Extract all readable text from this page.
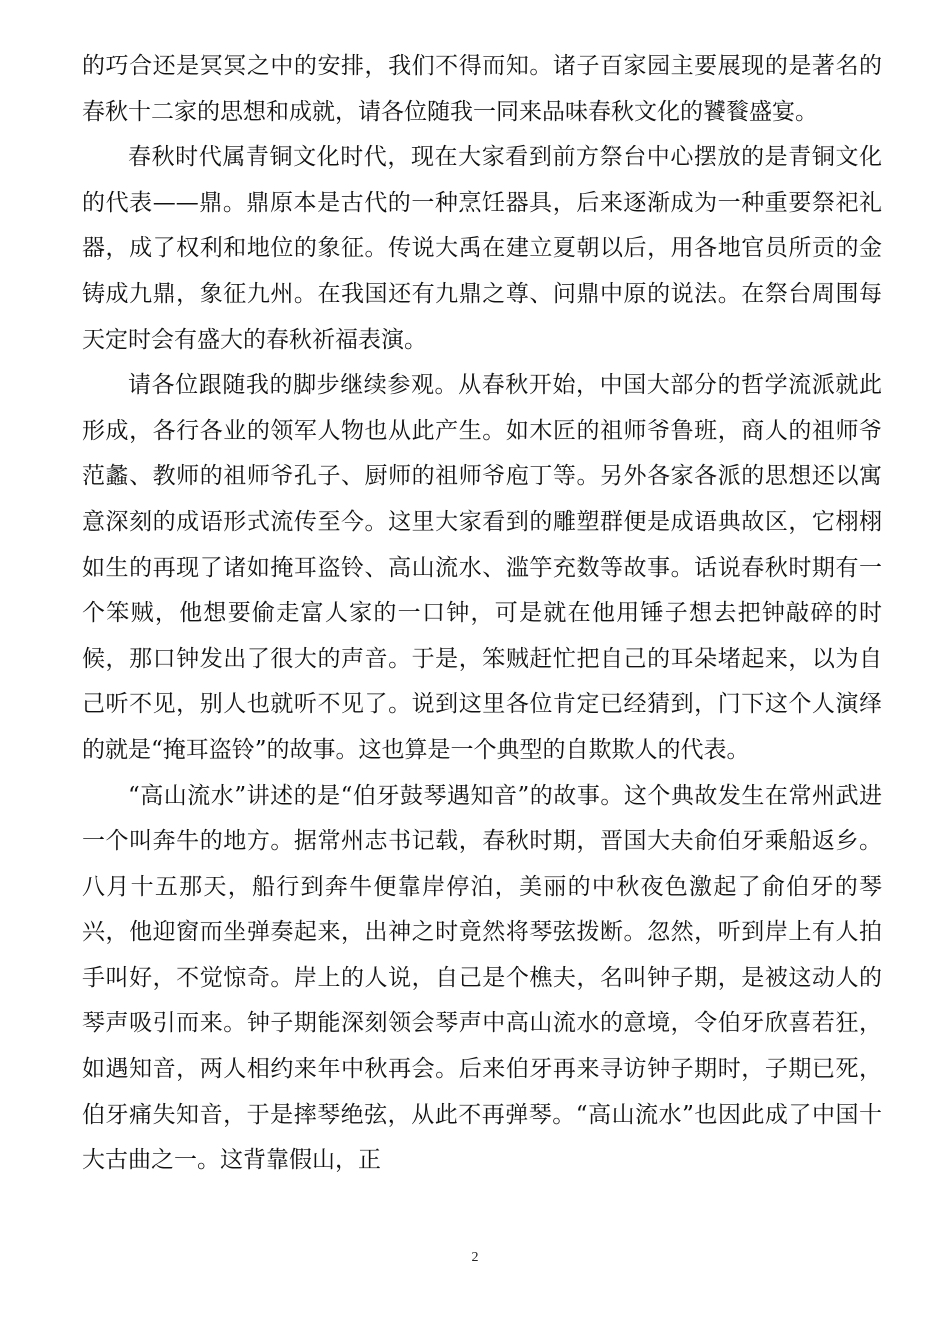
的巧合还是冥冥之中的安排，我们不得而知。诸子百家园主要展现的是著名的春秋十二家的思想和成就，请各位随我一同来品味春秋文化的饕餮盛宴。

春秋时代属青铜文化时代，现在大家看到前方祭台中心摆放的是青铜文化的代表——鼎。鼎原本是古代的一种烹饪器具，后来逐渐成为一种重要祭祀礼器，成了权利和地位的象征。传说大禹在建立夏朝以后，用各地官员所贡的金铸成九鼎，象征九州。在我国还有九鼎之尊、问鼎中原的说法。在祭台周围每天定时会有盛大的春秋祈福表演。

请各位跟随我的脚步继续参观。从春秋开始，中国大部分的哲学流派就此形成，各行各业的领军人物也从此产生。如木匠的祖师爷鲁班，商人的祖师爷范蠡、教师的祖师爷孔子、厨师的祖师爷庖丁等。另外各家各派的思想还以寓意深刻的成语形式流传至今。这里大家看到的雕塑群便是成语典故区，它栩栩如生的再现了诸如掩耳盗铃、高山流水、滥竽充数等故事。话说春秋时期有一个笨贼，他想要偷走富人家的一口钟，可是就在他用锤子想去把钟敲碎的时候，那口钟发出了很大的声音。于是，笨贼赶忙把自己的耳朵堵起来，以为自己听不见，别人也就听不见了。说到这里各位肯定已经猜到，门下这个人演绎的就是“掩耳盗铃”的故事。这也算是一个典型的自欺欺人的代表。

“高山流水”讲述的是“伯牙鼓琴遇知音”的故事。这个典故发生在常州武进一个叫奔牛的地方。据常州志书记载，春秋时期，晋国大夫俞伯牙乘船返乡。八月十五那天，船行到奔牛便靠岸停泊，美丽的中秋夜色激起了俞伯牙的琴兴，他迎窗而坐弹奏起来，出神之时竟然将琴弦拨断。忽然，听到岸上有人拍手叫好，不觉惊奇。岸上的人说，自己是个樵夫，名叫钟子期，是被这动人的琴声吸引而来。钟子期能深刻领会琴声中高山流水的意境，令伯牙欣喜若狂，如遇知音，两人相约来年中秋再会。后来伯牙再来寻访钟子期时，子期已死，伯牙痛失知音，于是摔琴绝弦，从此不再弹琴。“高山流水”也因此成了中国十大古曲之一。这背靠假山，正

2
